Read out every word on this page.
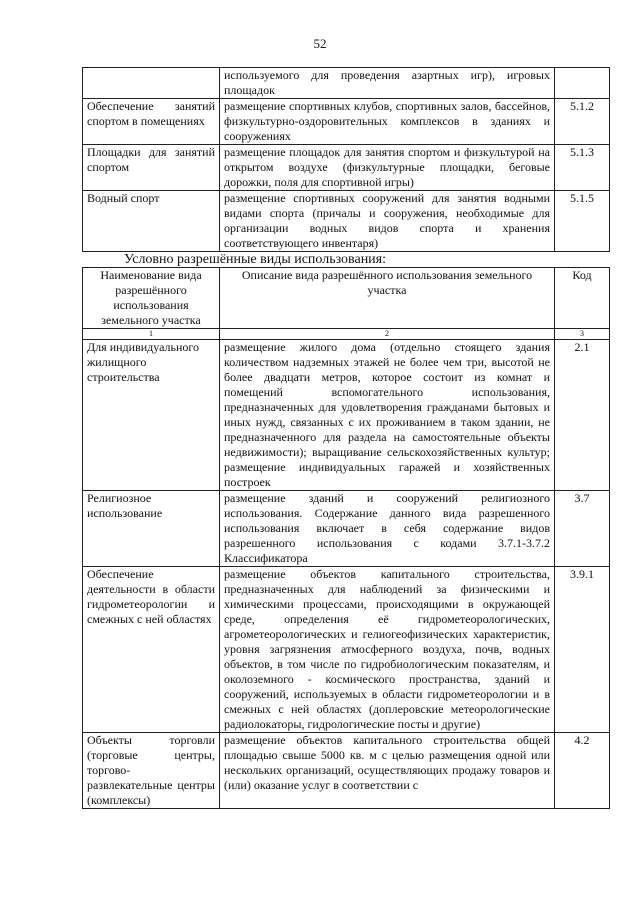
52
	используемого для проведения азартных игр), игровых площадок	
Обеспечение занятий спортом в помещениях	размещение спортивных клубов, спортивных залов, бассейнов, физкультурно-оздоровительных комплексов в зданиях и сооружениях	5.1.2
Площадки для занятий спортом	размещение площадок для занятия спортом и физкультурой на открытом воздухе (физкультурные площадки, беговые дорожки, поля для спортивной игры)	5.1.3
Водный спорт	размещение спортивных сооружений для занятия водными видами спорта (причалы и сооружения, необходимые для организации водных видов спорта и хранения соответствующего инвентаря)	5.1.5
Условно разрешённые виды использования:
Наименование вида разрешённого использования земельного участка	Описание вида разрешённого использования земельного участка	Код
1	2	3
Для индивидуального жилищного строительства	размещение жилого дома (отдельно стоящего здания количеством надземных этажей не более чем три, высотой не более двадцати метров, которое состоит из комнат и помещений вспомогательного использования, предназначенных для удовлетворения гражданами бытовых и иных нужд, связанных с их проживанием в таком здании, не предназначенного для раздела на самостоятельные объекты недвижимости); выращивание сельскохозяйственных культур; размещение индивидуальных гаражей и хозяйственных построек	2.1
Религиозное использование	размещение зданий и сооружений религиозного использования. Содержание данного вида разрешенного использования включает в себя содержание видов разрешенного использования с кодами 3.7.1-3.7.2 Классификатора	3.7
Обеспечение деятельности в области гидрометеорологии и смежных с ней областях	размещение объектов капитального строительства, предназначенных для наблюдений за физическими и химическими процессами, происходящими в окружающей среде, определения её гидрометеорологических, агрометеорологических и гелиогеофизических характеристик, уровня загрязнения атмосферного воздуха, почв, водных объектов, в том числе по гидробиологическим показателям, и околоземного - космического пространства, зданий и сооружений, используемых в области гидрометеорологии и в смежных с ней областях (доплеровские метеорологические радиолокаторы, гидрологические посты и другие)	3.9.1
Объекты торговли (торговые центры, торгово-развлекательные центры (комплексы)	размещение объектов капитального строительства общей площадью свыше 5000 кв. м с целью размещения одной или нескольких организаций, осуществляющих продажу товаров и (или) оказание услуг в соответствии с	4.2
